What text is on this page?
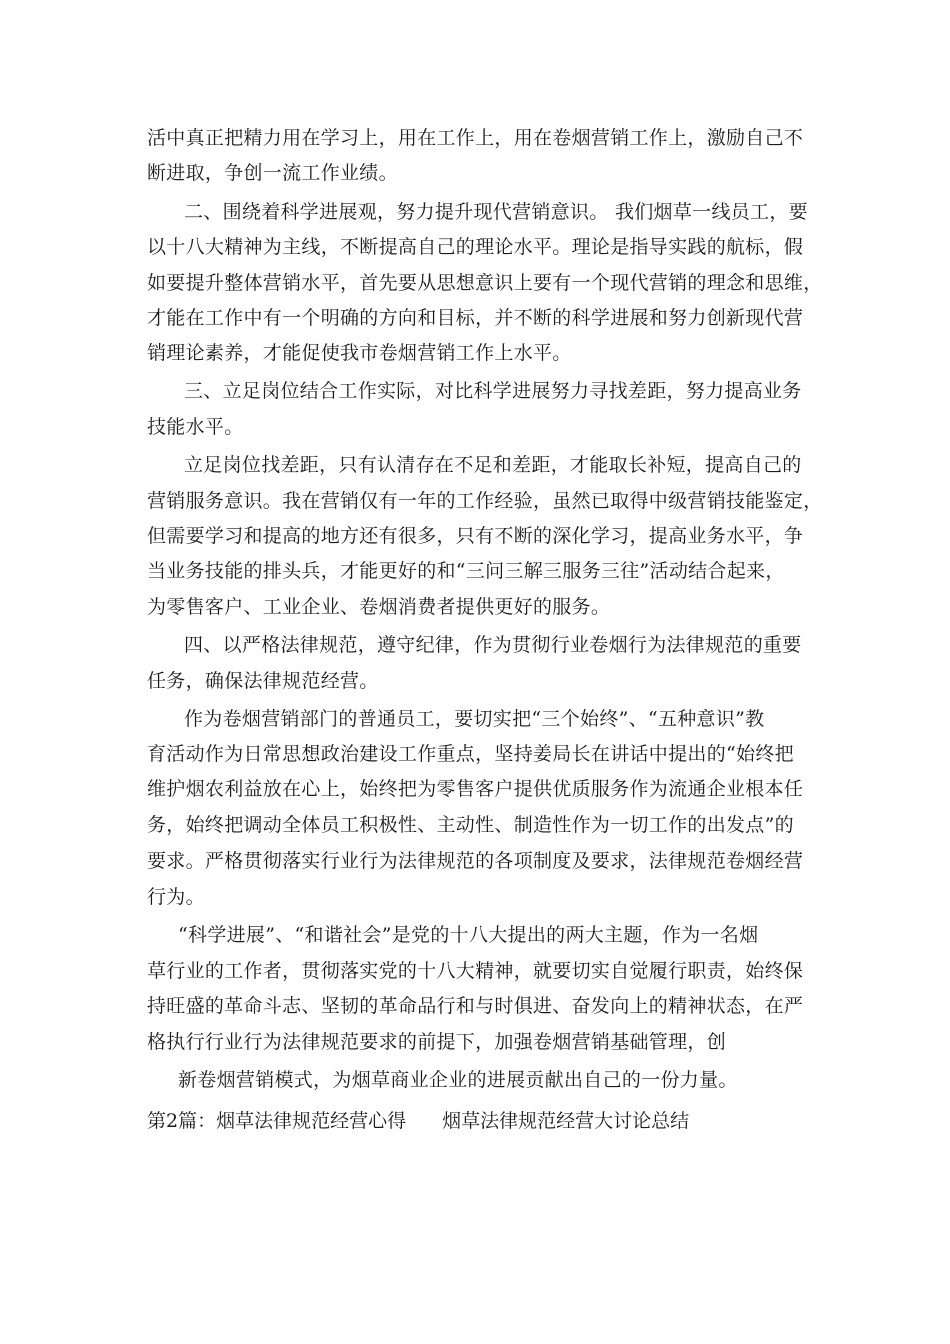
活中真正把精力用在学习上，用在工作上，用在卷烟营销工作上，激励自己不
断进取，争创一流工作业绩。
二、围绕着科学进展观，努力提升现代营销意识。 我们烟草一线员工，要
以十八大精神为主线，不断提高自己的理论水平。理论是指导实践的航标，假
如要提升整体营销水平，首先要从思想意识上要有一个现代营销的理念和思维，
才能在工作中有一个明确的方向和目标，并不断的科学进展和努力创新现代营
销理论素养，才能促使我市卷烟营销工作上水平。
三、立足岗位结合工作实际，对比科学进展努力寻找差距，努力提高业务
技能水平。
立足岗位找差距，只有认清存在不足和差距，才能取长补短，提高自己的
营销服务意识。我在营销仅有一年的工作经验，虽然已取得中级营销技能鉴定，
但需要学习和提高的地方还有很多，只有不断的深化学习，提高业务水平，争
当业务技能的排头兵，才能更好的和“三问三解三服务三往”活动结合起来，
为零售客户、工业企业、卷烟消费者提供更好的服务。
四、以严格法律规范，遵守纪律，作为贯彻行业卷烟行为法律规范的重要
任务，确保法律规范经营。
作为卷烟营销部门的普通员工，要切实把“三个始终”、“五种意识”教
育活动作为日常思想政治建设工作重点，坚持姜局长在讲话中提出的“始终把
维护烟农利益放在心上，始终把为零售客户提供优质服务作为流通企业根本任
务，始终把调动全体员工积极性、主动性、制造性作为一切工作的出发点”的
要求。严格贯彻落实行业行为法律规范的各项制度及要求，法律规范卷烟经营
行为。
“科学进展”、“和谐社会”是党的十八大提出的两大主题，作为一名烟
草行业的工作者，贯彻落实党的十八大精神，就要切实自觉履行职责，始终保
持旺盛的革命斗志、坚韧的革命品行和与时俱进、奋发向上的精神状态，在严
格执行行业行为法律规范要求的前提下，加强卷烟营销基础管理，创
新卷烟营销模式，为烟草商业企业的进展贡献出自己的一份力量。
第2篇：烟草法律规范经营心得 烟草法律规范经营大讨论总结
